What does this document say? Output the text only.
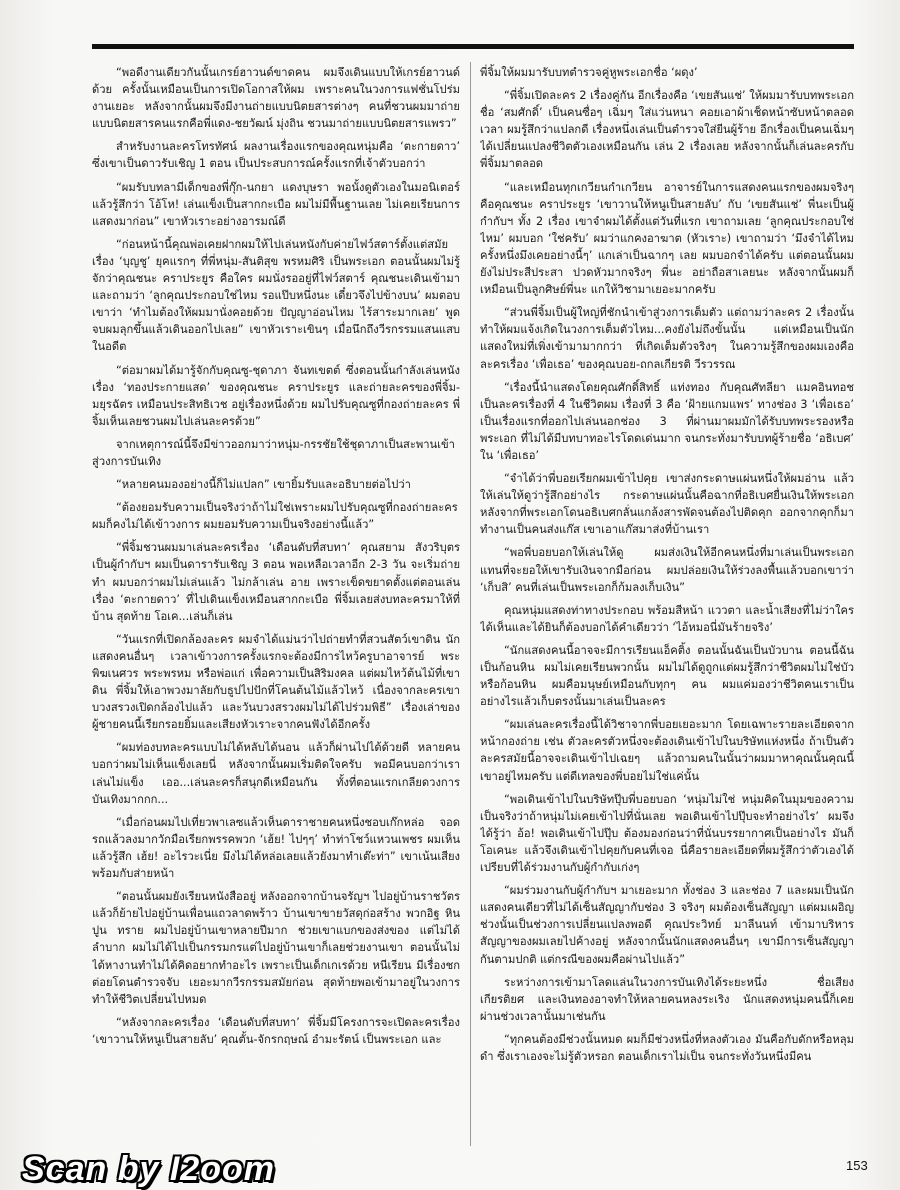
“พอดีงานเดียวกันนั้นเกรย์ฮาวนด์ขาดคน ผมจึงเดินแบบให้เกรย์ฮาวนด์ด้วย ครั้งนั้นเหมือนเป็นการเปิดโอกาสให้ผม เพราะคนในวงการแฟชั่นโปร่มงานเยอะ หลังจากนั้นผมจึงมีงานถ่ายแบบนิตยสารต่างๆ คนที่ชวนผมมาถ่ายแบบนิตยสารคนแรกคือพี่แดง-ชยวัฒน์ มุ่งถิน ชวนมาถ่ายแบบนิตยสารแพรว”

สำหรับงานละครโทรทัศน์ ผลงานเรื่องแรกของคุณหนุ่มคือ ‘ตะกายดาว’ ซึ่งเขาเป็นดาวรับเชิญ 1 ตอน เป็นประสบการณ์ครั้งแรกที่เจ้าตัวบอกว่า

“ผมรับบทลามีเด็กของพี่กุ๊ก-นกยา แดงบุษรา พอนั้งดูตัวเองในมอนิเตอร์แล้วรู้สึกว่า โอ้โห! เล่นแข็งเป็นสากกะเบือ ผมไม่มีพื้นฐานเลย ไม่เคยเรียนการแสดงมาก่อน” เขาหัวเราะอย่างอารมณ์ดี

“ก่อนหน้านี้คุณพ่อเคยฝากผมให้ไปเล่นหนังกับค่ายไฟว์สตาร์ตั้งแต่สมัยเรื่อง ‘บุญชู’ ยุคแรกๆ ที่พี่หนุ่ม-สันติสุข พรหมศิริ เป็นพระเอก ตอนนั้นผมไม่รู้จักว่าคุณชนะ คราประยูร คือใคร ผมนั่งรออยู่ที่ไฟว์สตาร์ คุณชนะเดินเข้ามาและถามว่า ‘ลูกคุณประกอบใช่ไหม รอแป๊บหนึ่งนะ เดี๋ยวจึงไปข้างบน’ ผมตอบเขาว่า ‘ทำไมต้องให้ผมมานั่งคอยด้วย ปัญญาอ่อนไหม ไร้สาระมากเลย’ พูดจบผมลุกขึ้นแล้วเดินออกไปเลย” เขาหัวเราะเขินๆ เมื่อนึกถึงวีรกรรมแสนแสบในอดีต

“ต่อมาผมได้มารู้จักกับคุณซู-ชุดาภา จันทเขตต์ ซึ่งตอนนั้นกำลังเล่นหนังเรื่อง ‘ทองประกายแสด’ ของคุณชนะ คราประยูร และถ่ายละครของพี่จิ้ม-มยุรฉัตร เหมือนประสิทธิเวช อยู่เรื่องหนึ่งด้วย ผมไปรับคุณซูที่กองถ่ายละคร พี่จิ้มเห็นเลยชวนผมไปเล่นละครด้วย”

จากเหตุการณ์นี้จึงมีข่าวออกมาว่าหนุ่ม-กรรชัยใช้ชุดาภาเป็นสะพานเข้าสู่วงการบันเทิง

“หลายคนมองอย่างนี้ก็ไม่แปลก” เขายิ้มรับและอธิบายต่อไปว่า

“ต้องยอมรับความเป็นจริงว่าถ้าไม่ใช่เพราะผมไปรับคุณซูที่กองถ่ายละคร ผมก็คงไม่ได้เข้าวงการ ผมยอมรับความเป็นจริงอย่างนี้แล้ว”

“พี่จิ้มชวนผมมาเล่นละครเรื่อง ‘เดือนดับที่สบทา’ คุณสยาม สังวริบุตร เป็นผู้กำกับฯ ผมเป็นดารารับเชิญ 3 ตอน พอเหลือเวลาอีก 2-3 วัน จะเริ่มถ่ายทำ ผมบอกว่าผมไม่เล่นแล้ว ไม่กล้าเล่น อาย เพราะเข็ดขยาดตั้งแต่ตอนเล่นเรื่อง ‘ตะกายดาว’ ที่ไปเดินแข็งเหมือนสากกะเบือ พี่จิ้มเลยส่งบทละครมาให้ที่บ้าน สุดท้าย โอเค...เล่นก็เล่น

“วันแรกที่เปิดกล้องละคร ผมจำได้แม่นว่าไปถ่ายทำที่สวนสัตว์เขาดิน นักแสดงคนอื่นๆ เวลาเข้าวงการครั้งแรกจะต้องมีการไหว้ครูบาอาจารย์ พระพิฆเนศวร พระพรหม หรือพ่อแก่ เพื่อความเป็นสิริมงคล แต่ผมไหว้ต้นไม้ที่เขาดิน พี่จิ้มให้เอาพวงมาลัยกับธูปไปปักที่โคนต้นไม้แล้วไหว้ เนื่องจากละครเขาบวงสรวงเปิดกล้องไปแล้ว และวันบวงสรวงผมไม่ได้ไปร่วมพิธี” เรื่องเล่าของผู้ชายคนนี้เรียกรอยยิ้มและเสียงหัวเราะจากคนฟังได้อีกครั้ง

“ผมท่องบทละครแบบไม่ได้หลับได้นอน แล้วก็ผ่านไปได้ด้วยดี หลายคนบอกว่าผมไม่เห็นแข็งเลยนี่ หลังจากนั้นผมเริ่มติดใจครับ พอมีคนบอกว่าเราเล่นไม่แข็ง เออ...เล่นละครก็สนุกดีเหมือนกัน ทั้งที่ตอนแรกเกลียดวงการบันเทิงมากกก...

“เมื่อก่อนผมไปเที่ยวพาเลซแล้วเห็นดาราชายคนหนึ่งชอบเก๊กหล่อ จอดรถแล้วลงมากวักมือเรียกพรรคพวก ‘เฮ้ย! ไปๆๆ’ ทำท่าโชว์แหวนเพชร ผมเห็นแล้วรู้สึก เฮ้ย! อะไรวะเนี่ย มึงไม่ได้หล่อเลยแล้วยังมาทำเต๊ะท่า” เขาเน้นเสียงพร้อมกับส่ายหน้า

“ตอนนั้นผมยังเรียนหนังสืออยู่ หลังออกจากบ้านจรัญฯ ไปอยู่บ้านราชวัตร แล้วก็ย้ายไปอยู่บ้านเพื่อนแถวลาดพร้าว บ้านเขาขายวัสดุก่อสร้าง พวกอิฐ หิน ปูน ทราย ผมไปอยู่บ้านเขาหลายปีมาก ช่วยเขาแบกของส่งของ แต่ไม่ได้ลำบาก ผมไม่ได้ไปเป็นกรรมกรแต่ไปอยู่บ้านเขาก็เลยช่วยงานเขา ตอนนั้นไม่ได้หางานทำไม่ได้คิดอยากทำอะไร เพราะเป็นเด็กเกเรด้วย หนีเรียน มีเรื่องชกต่อยโดนตำรวจจับ เยอะมากวีรกรรมสมัยก่อน สุดท้ายพอเข้ามาอยู่ในวงการทำให้ชีวิตเปลี่ยนไปหมด

“หลังจากละครเรื่อง ‘เดือนดับที่สบทา’ พี่จิ้มมีโครงการจะเปิดละครเรื่อง ‘เขาวานให้หนูเป็นสายลับ’ คุณตั้น-จักรกฤษณ์ อำมะรัตน์ เป็นพระเอก และ

พี่จิ้มให้ผมมารับบทตำรวจคู่หูพระเอกชื่อ ‘ผดุง’

“พี่จิ้มเปิดละคร 2 เรื่องคู่กัน อีกเรื่องคือ ‘เขยสันแช่’ ให้ผมมารับบทพระเอกชื่อ ‘สมศักดิ์’ เป็นคนซื่อๆ เฉิ่มๆ ใส่แว่นหนา คอยเอาผ้าเช็ดหน้าซับหน้าตลอดเวลา ผมรู้สึกว่าแปลกดี เรื่องหนึ่งเล่นเป็นตำรวจใส่ยีนผู้ร้าย อีกเรื่องเป็นคนเฉิ่มๆ ได้เปลี่ยนแปลงชีวิตตัวเองเหมือนกัน เล่น 2 เรื่องเลย หลังจากนั้นก็เล่นละครกับพี่จิ้มมาตลอด

“และเหมือนทุกเกวียนกำเกวียน อาจารย์ในการแสดงคนแรกของผมจริงๆ คือคุณชนะ คราประยูร ‘เขาวานให้หนูเป็นสายลับ’ กับ ‘เขยสันแช่’ พี่นะเป็นผู้กำกับฯ ทั้ง 2 เรื่อง เขาจำผมได้ตั้งแต่วันที่แรก เขาถามเลย ‘ลูกคุณประกอบใช่ไหม’ ผมบอก ‘ใช่ครับ’ ผมว่าแกคงอาฆาต (หัวเราะ) เขาถามว่า ‘มึงจำได้ไหมครั้งหนึ่งมึงเคยอย่างนี้ๆ’ แกเล่าเป็นฉากๆ เลย ผมบอกจำได้ครับ แต่ตอนนั้นผมยังไม่ประสีประสา ปวดหัวมากจริงๆ พี่นะ อย่าถือสาเลยนะ หลังจากนั้นผมก็เหมือนเป็นลูกศิษย์พี่นะ แกให้วิชามาเยอะมากครับ

“ส่วนพี่จิ้มเป็นผู้ใหญ่ที่ชักนำเข้าสู่วงการเต็มตัว แต่ถามว่าละคร 2 เรื่องนั้นทำให้ผมแจ้งเกิดในวงการเต็มตัวไหม...คงยังไม่ถึงขั้นนั้น แต่เหมือนเป็นนักแสดงใหม่ที่เพิ่งเข้ามามากกว่า ที่เกิดเต็มตัวจริงๆ ในความรู้สึกของผมเองคือละครเรื่อง ‘เพื่อเธอ’ ของคุณบอย-ถกลเกียรติ วีรวรรณ

“เรื่องนี้นำแสดงโดยคุณศักดิ์สิทธิ์ แท่งทอง กับคุณศัทลียา แมคอินทอช เป็นละครเรื่องที่ 4 ในชีวิตผม เรื่องที่ 3 คือ ‘ฝ้ายแกมแพร’ ทางช่อง 3 ‘เพื่อเธอ’ เป็นเรื่องแรกที่ออกไปเล่นนอกช่อง 3 ที่ผ่านมาผมมักได้รับบทพระรองหรือพระเอก ที่ไม่ได้มีบทบาทอะไรโดดเด่นมาก จนกระทั่งมารับบทผู้ร้ายชื่อ ‘อธิเบศ’ ใน ‘เพื่อเธอ’

“จำได้ว่าพี่บอยเรียกผมเข้าไปคุย เขาส่งกระดาษแผ่นหนึ่งให้ผมอ่าน แล้วให้เล่นให้ดูว่ารู้สึกอย่างไร กระดาษแผ่นนั้นคือฉากที่อธิเบศยื่นเงินให้พระเอก หลังจากที่พระเอกโดนอธิเบศกลั่นแกล้งสารพัดจนต้องไปติดคุก ออกจากคุกก็มาทำงานเป็นคนส่งแก๊ส เขาเอาแก๊สมาส่งที่บ้านเรา

“พอพี่บอยบอกให้เล่นให้ดู ผมส่งเงินให้อีกคนหนึ่งที่มาเล่นเป็นพระเอก แทนที่จะยอให้เขารับเงินจากมือก่อน ผมปล่อยเงินให้ร่วงลงพื้นแล้วบอกเขาว่า ‘เก็บสิ’ คนที่เล่นเป็นพระเอกก็ก้มลงเก็บเงิน”

คุณหนุ่มแสดงท่าทางประกอบ พร้อมสีหน้า แววตา และน้ำเสียงที่ไม่ว่าใครได้เห็นและได้ยินก็ต้องบอกได้คำเดียวว่า ‘ไอ้หมอนี่มันร้ายจริง’

“นักแสดงคนนี้อาจจะมีการเรียนแอ็คติ้ง ตอนนั้นฉันเป็นบัวบาน ตอนนี้ฉันเป็นก้อนหิน ผมไม่เคยเรียนพวกนั้น ผมไม่ได้ดูถูกแต่ผมรู้สึกว่าชีวิตผมไม่ใช่บัวหรือก้อนหิน ผมคือมนุษย์เหมือนกับทุกๆ คน ผมแค่มองว่าชีวิตคนเราเป็นอย่างไรแล้วเก็บตรงนั้นมาเล่นเป็นละคร

“ผมเล่นละครเรื่องนี้ได้วิชาจากพี่บอยเยอะมาก โดยเฉพาะรายละเอียดจากหน้ากองถ่าย เช่น ตัวละครตัวหนึ่งจะต้องเดินเข้าไปในบริษัทแห่งหนึ่ง ถ้าเป็นตัวละครสมัยนี้อาจจะเดินเข้าไปเฉยๆ แล้วถามคนในนั้นว่าผมมาหาคุณนั้นคุณนี้ เขาอยู่ไหมครับ แต่ดีเทลของพี่บอยไม่ใช่แค่นั้น

“พอเดินเข้าไปในบริษัทปุ๊บพี่บอยบอก ‘หนุ่มไม่ใช่ หนุ่มคิดในมุมของความเป็นจริงว่าถ้าหนุ่มไม่เคยเข้าไปที่นั่นเลย พอเดินเข้าไปปุ๊บจะทำอย่างไร’ ผมจึงได้รู้ว่า อ้อ! พอเดินเข้าไปปุ๊บ ต้องมองก่อนว่าที่นั่นบรรยากาศเป็นอย่างไร มันก็โอเคนะ แล้วจึงเดินเข้าไปคุยกับคนที่เจอ นี่คือรายละเอียดที่ผมรู้สึกว่าตัวเองได้เปรียบที่ได้ร่วมงานกับผู้กำกับเก่งๆ

“ผมร่วมงานกับผู้กำกับฯ มาเยอะมาก ทั้งช่อง 3 และช่อง 7 และผมเป็นนักแสดงคนเดียวที่ไม่ได้เซ็นสัญญากับช่อง 3 จริงๆ ผมต้องเซ็นสัญญา แต่ผมเผอิญช่วงนั้นเป็นช่วงการเปลี่ยนแปลงพอดี คุณประวิทย์ มาลีนนท์ เข้ามาบริหาร สัญญาของผมเลยไปค้างอยู่ หลังจากนั้นนักแสดงคนอื่นๆ เขามีการเซ็นสัญญากันตามปกติ แต่กรณีของผมคือผ่านไปแล้ว”

ระหว่างการเข้ามาโลดแล่นในวงการบันเทิงได้ระยะหนึ่ง ชื่อเสียง เกียรติยศ และเงินทองอาจทำให้หลายคนหลงระเริง นักแสดงหนุ่มคนนี้ก็เคยผ่านช่วงเวลานั้นมาเช่นกัน

“ทุกคนต้องมีช่วงนั้นหมด ผมก็มีช่วงหนึ่งที่หลงตัวเอง มันคือกับดักหรือหลุมดำ ซึ่งเราเองจะไม่รู้ตัวหรอก ตอนเด็กเราไม่เป็น จนกระทั่งวันหนึ่งมีคน

Scan by I2oom	153
